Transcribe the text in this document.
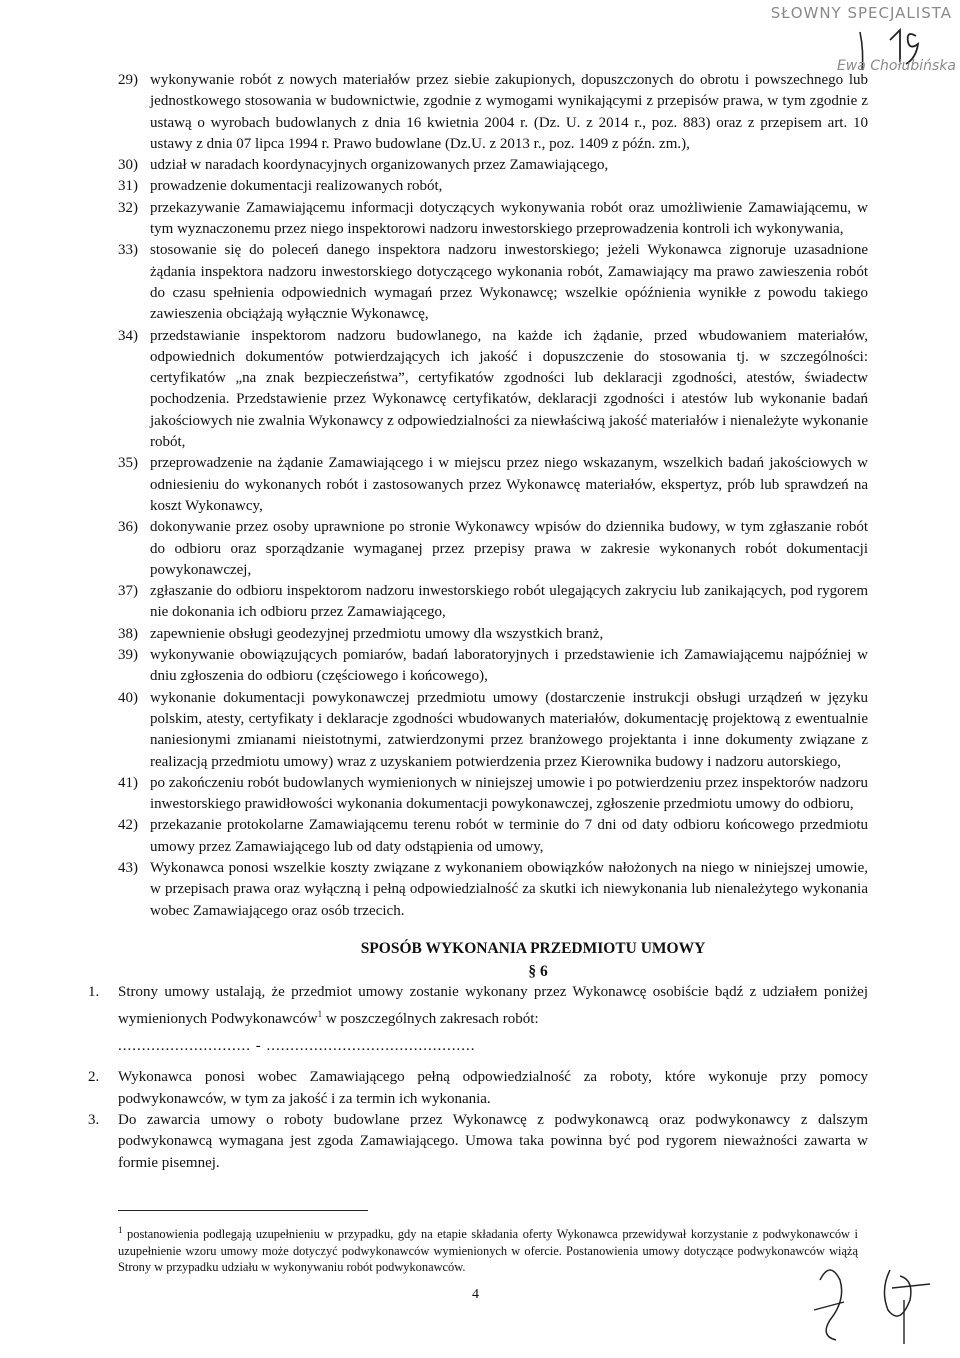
SŁOWNY SPECJALISTA
Ewa Chołubińska
29) wykonywanie robót z nowych materiałów przez siebie zakupionych, dopuszczonych do obrotu i powszechnego lub jednostkowego stosowania w budownictwie, zgodnie z wymogami wynikającymi z przepisów prawa, w tym zgodnie z ustawą o wyrobach budowlanych z dnia 16 kwietnia 2004 r. (Dz. U. z 2014 r., poz. 883) oraz z przepisem art. 10 ustawy z dnia 07 lipca 1994 r. Prawo budowlane (Dz.U. z 2013 r., poz. 1409 z późn. zm.),
30) udział w naradach koordynacyjnych organizowanych przez Zamawiającego,
31) prowadzenie dokumentacji realizowanych robót,
32) przekazywanie Zamawiającemu informacji dotyczących wykonywania robót oraz umożliwienie Zamawiającemu, w tym wyznaczonemu przez niego inspektorowi nadzoru inwestorskiego przeprowadzenia kontroli ich wykonywania,
33) stosowanie się do poleceń danego inspektora nadzoru inwestorskiego; jeżeli Wykonawca zignoruje uzasadnione żądania inspektora nadzoru inwestorskiego dotyczącego wykonania robót, Zamawiający ma prawo zawieszenia robót do czasu spełnienia odpowiednich wymagań przez Wykonawcę; wszelkie opóźnienia wynikłe z powodu takiego zawieszenia obciążają wyłącznie Wykonawcę,
34) przedstawianie inspektorom nadzoru budowlanego, na każde ich żądanie, przed wbudowaniem materiałów, odpowiednich dokumentów potwierdzających ich jakość i dopuszczenie do stosowania tj. w szczególności: certyfikatów „na znak bezpieczeństwa”, certyfikatów zgodności lub deklaracji zgodności, atestów, świadectw pochodzenia. Przedstawienie przez Wykonawcę certyfikatów, deklaracji zgodności i atestów lub wykonanie badań jakościowych nie zwalnia Wykonawcy z odpowiedzialności za niewłaściwą jakość materiałów i nienależyte wykonanie robót,
35) przeprowadzenie na żądanie Zamawiającego i w miejscu przez niego wskazanym, wszelkich badań jakościowych w odniesieniu do wykonanych robót i zastosowanych przez Wykonawcę materiałów, ekspertyz, prób lub sprawdzeń na koszt Wykonawcy,
36) dokonywanie przez osoby uprawnione po stronie Wykonawcy wpisów do dziennika budowy, w tym zgłaszanie robót do odbioru oraz sporządzanie wymaganej przez przepisy prawa w zakresie wykonanych robót dokumentacji powykonawczej,
37) zgłaszanie do odbioru inspektorom nadzoru inwestorskiego robót ulegających zakryciu lub zanikających, pod rygorem nie dokonania ich odbioru przez Zamawiającego,
38) zapewnienie obsługi geodezyjnej przedmiotu umowy dla wszystkich branż,
39) wykonywanie obowiązujących pomiarów, badań laboratoryjnych i przedstawienie ich Zamawiającemu najpóźniej w dniu zgłoszenia do odbioru (częściowego i końcowego),
40) wykonanie dokumentacji powykonawczej przedmiotu umowy (dostarczenie instrukcji obsługi urządzeń w języku polskim, atesty, certyfikaty i deklaracje zgodności wbudowanych materiałów, dokumentację projektową z ewentualnie naniesionymi zmianami nieistotnymi, zatwierdzonymi przez branżowego projektanta i inne dokumenty związane z realizacją przedmiotu umowy) wraz z uzyskaniem potwierdzenia przez Kierownika budowy i nadzoru autorskiego,
41) po zakończeniu robót budowlanych wymienionych w niniejszej umowie i po potwierdzeniu przez inspektorów nadzoru inwestorskiego prawidłowości wykonania dokumentacji powykonawczej, zgłoszenie przedmiotu umowy do odbioru,
42) przekazanie protokolarne Zamawiającemu terenu robót w terminie do 7 dni od daty odbioru końcowego przedmiotu umowy przez Zamawiającego lub od daty odstąpienia od umowy,
43) Wykonawca ponosi wszelkie koszty związane z wykonaniem obowiązków nałożonych na niego w niniejszej umowie, w przepisach prawa oraz wyłączną i pełną odpowiedzialność za skutki ich niewykonania lub nienależytego wykonania wobec Zamawiającego oraz osób trzecich.
SPOSÓB WYKONANIA PRZEDMIOTU UMOWY
§ 6
1.	Strony umowy ustalają, że przedmiot umowy zostanie wykonany przez Wykonawcę osobiście bądź z udziałem poniżej wymienionych Podwykonawców$^1$ w poszczególnych zakresach robót:
............................ - ............................................
2.	Wykonawca ponosi wobec Zamawiającego pełną odpowiedzialność za roboty, które wykonuje przy pomocy podwykonawców, w tym za jakość i za termin ich wykonania.
3.	Do zawarcia umowy o roboty budowlane przez Wykonawcę z podwykonawcą oraz podwykonawcy z dalszym podwykonawcą wymagana jest zgoda Zamawiającego. Umowa taka powinna być pod rygorem nieważności zawarta w formie pisemnej.
$^1$ postanowienia podlegają uzupełnieniu w przypadku, gdy na etapie składania oferty Wykonawca przewidywał korzystanie z podwykonawców i uzupełnienie wzoru umowy może dotyczyć podwykonawców wymienionych w ofercie. Postanowienia umowy dotyczące podwykonawców wiążą Strony w przypadku udziału w wykonywaniu robót podwykonawców.
4
